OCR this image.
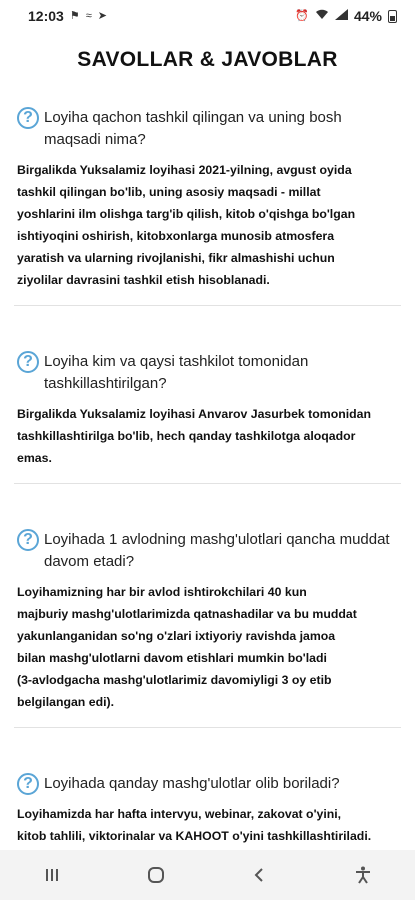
12:03 ⚑ ≈ ➤	⏰	44%
SAVOLLAR & JAVOBLAR
? Loyiha qachon tashkil qilingan va uning bosh
maqsadi nima?
Birgalikda Yuksalamiz loyihasi 2021-yilning, avgust oyida
tashkil qilingan bo'lib, uning asosiy maqsadi - millat
yoshlarini ilm olishga targ'ib qilish, kitob o'qishga bo'lgan
ishtiyoqini oshirish, kitobxonlarga munosib atmosfera
yaratish va ularning rivojlanishi, fikr almashishi uchun
ziyolilar davrasini tashkil etish hisoblanadi.
? Loyiha kim va qaysi tashkilot tomonidan
tashkillashtirilgan?
Birgalikda Yuksalamiz loyihasi Anvarov Jasurbek tomonidan
tashkillashtirilga bo'lib, hech qanday tashkilotga aloqador
emas.
? Loyihada 1 avlodning mashg'ulotlari qancha muddat
davom etadi?
Loyihamizning har bir avlod ishtirokchilari 40 kun
majburiy mashg'ulotlarimizda qatnashadilar va bu muddat
yakunlanganidan so'ng o'zlari ixtiyoriy ravishda jamoa
bilan mashg'ulotlarni davom etishlari mumkin bo'ladi
(3-avlodgacha mashg'ulotlarimiz davomiyligi 3 oy etib
belgilangan edi).
? Loyihada qanday mashg'ulotlar olib boriladi?
Loyihamizda har hafta intervyu, webinar, zakovat o'yini,
kitob tahlili, viktorinalar va KAHOOT o'yini tashkillashtiriladi.
